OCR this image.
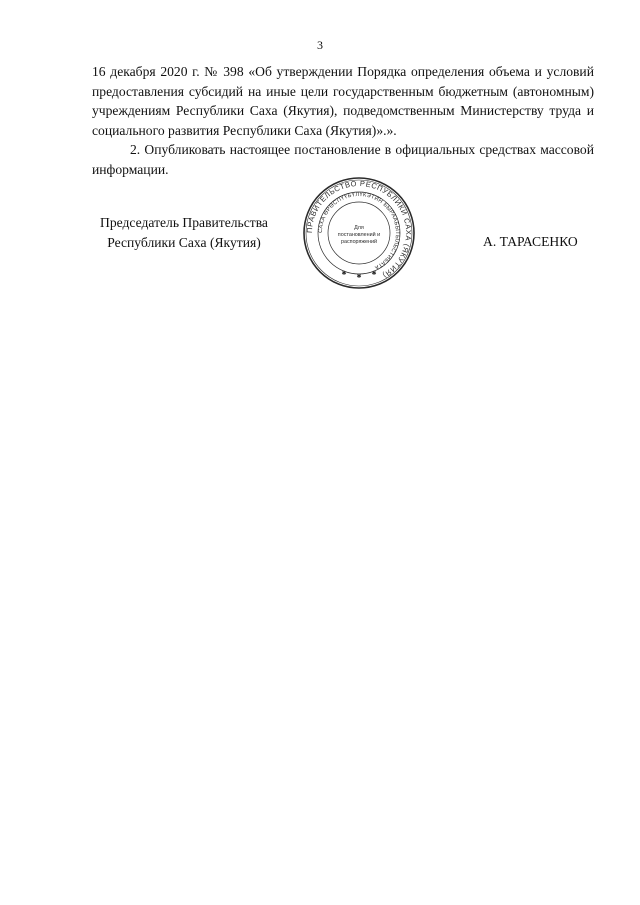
3

16 декабря 2020 г. № 398 «Об утверждении Порядка определения объема и условий предоставления субсидий на иные цели государственным бюджетным (автономным) учреждениям Республики Саха (Якутия), подведомственным Министерству труда и социального развития Республики Саха (Якутия)».».

2. Опубликовать настоящее постановление в официальных средствах массовой информации.

Председатель Правительства
Республики Саха (Якутия)	А. ТАРАСЕНКО
ПРАВИТЕЛЬСТВО РЕСПУБЛИКИ САХА (ЯКУТИЯ)
САХА ӨРӨСПҮҮБҮЛҮКЭТИН БЫРААБЫТЫЛЬСТИБАТА
Для
постановлений и
распоряжений
✱ ✱ ✱
